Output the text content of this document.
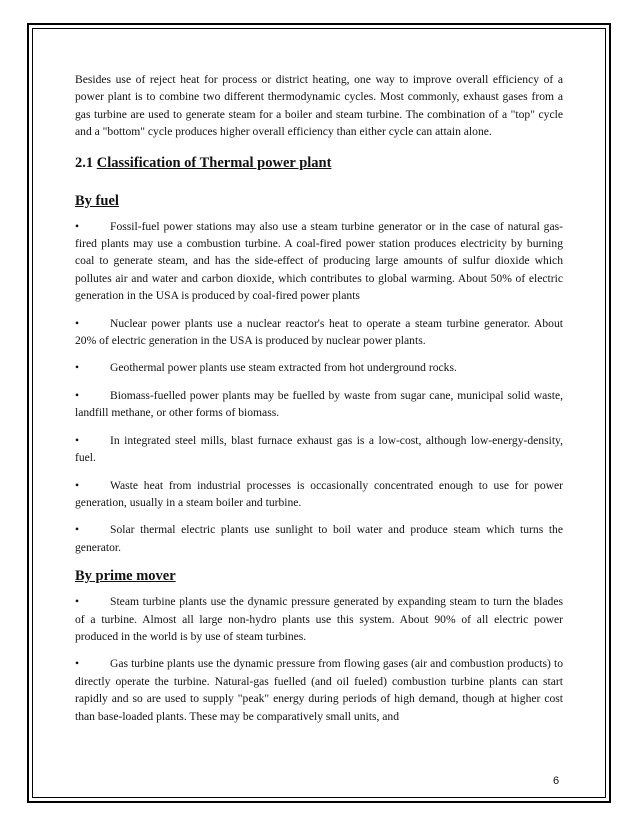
Besides use of reject heat for process or district heating, one way to improve overall efficiency of a power plant is to combine two different thermodynamic cycles. Most commonly, exhaust gases from a gas turbine are used to generate steam for a boiler and steam turbine. The combination of a "top" cycle and a "bottom" cycle produces higher overall efficiency than either cycle can attain alone.

2.1 Classification of Thermal power plant
By fuel

•	Fossil-fuel power stations may also use a steam turbine generator or in the case of natural gas-fired plants may use a combustion turbine. A coal-fired power station produces electricity by burning coal to generate steam, and has the side-effect of producing large amounts of sulfur dioxide which pollutes air and water and carbon dioxide, which contributes to global warming. About 50% of electric generation in the USA is produced by coal-fired power plants

•	Nuclear power plants use a nuclear reactor's heat to operate a steam turbine generator. About 20% of electric generation in the USA is produced by nuclear power plants.

•	Geothermal power plants use steam extracted from hot underground rocks.

•	Biomass-fuelled power plants may be fuelled by waste from sugar cane, municipal solid waste, landfill methane, or other forms of biomass.

•	In integrated steel mills, blast furnace exhaust gas is a low-cost, although low-energy-density, fuel.

•	Waste heat from industrial processes is occasionally concentrated enough to use for power generation, usually in a steam boiler and turbine.

•	Solar thermal electric plants use sunlight to boil water and produce steam which turns the generator.

By prime mover

•	Steam turbine plants use the dynamic pressure generated by expanding steam to turn the blades of a turbine. Almost all large non-hydro plants use this system. About 90% of all electric power produced in the world is by use of steam turbines.

•	Gas turbine plants use the dynamic pressure from flowing gases (air and combustion products) to directly operate the turbine. Natural-gas fuelled (and oil fueled) combustion turbine plants can start rapidly and so are used to supply "peak" energy during periods of high demand, though at higher cost than base-loaded plants. These may be comparatively small units, and

6
